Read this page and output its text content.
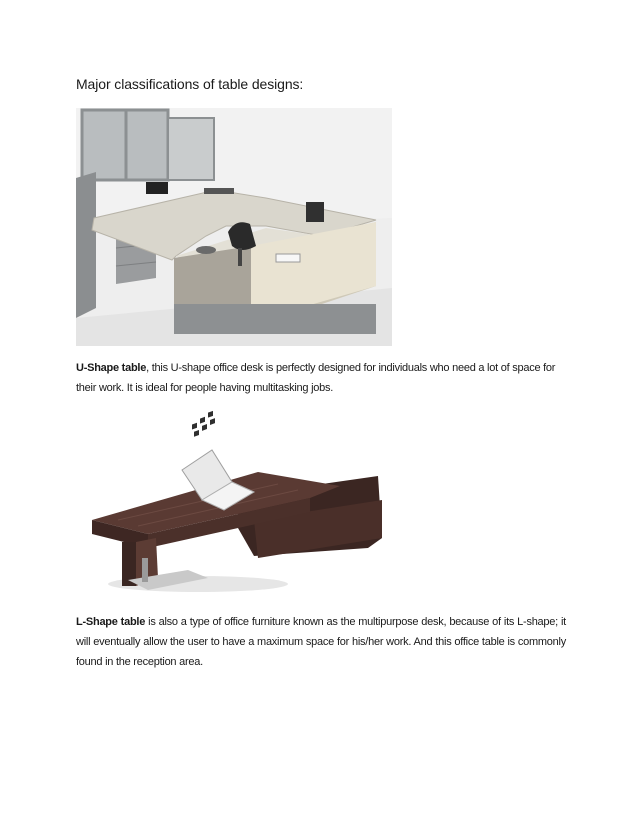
Major classifications of table designs:
U-Shape table, this U-shape office desk is perfectly designed for individuals who need a lot of space for their work. It is ideal for people having multitasking jobs.
L-Shape table is also a type of office furniture known as the multipurpose desk, because of its L-shape; it will eventually allow the user to have a maximum space for his/her work. And this office table is commonly found in the reception area.
